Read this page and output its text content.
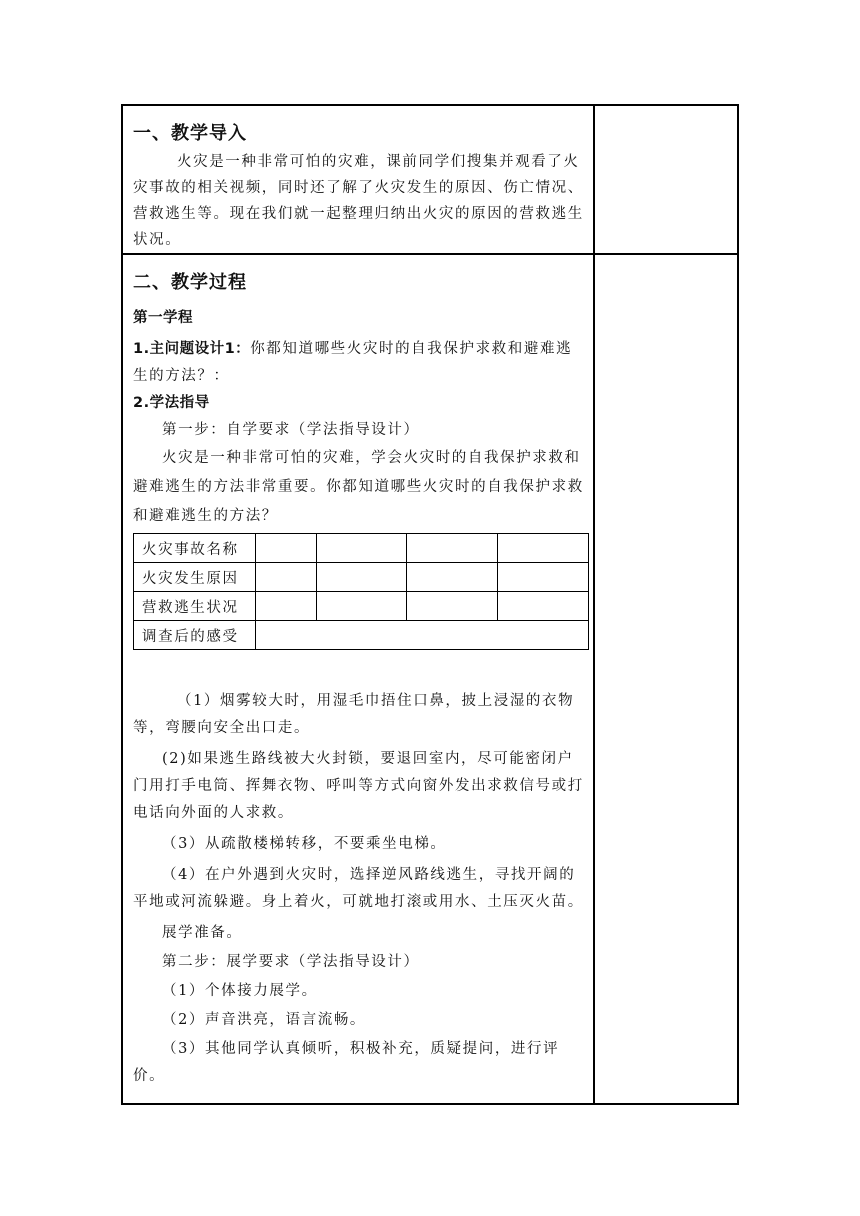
一、教学导入

火灾是一种非常可怕的灾难，课前同学们搜集并观看了火灾事故的相关视频，同时还了解了火灾发生的原因、伤亡情况、营救逃生等。现在我们就一起整理归纳出火灾的原因的营救逃生状况。

二、教学过程
第一学程

1.主问题设计1：你都知道哪些火灾时的自我保护求救和避难逃生的方法？：

2.学法指导

第一步：自学要求（学法指导设计）

火灾是一种非常可怕的灾难，学会火灾时的自我保护求救和避难逃生的方法非常重要。你都知道哪些火灾时的自我保护求救和避难逃生的方法？

火灾事故名称				
火灾发生原因				
营救逃生状况				
调查后的感受	

（1）烟雾较大时，用湿毛巾捂住口鼻，披上浸湿的衣物等，弯腰向安全出口走。

(2)如果逃生路线被大火封锁，要退回室内，尽可能密闭户门用打手电筒、挥舞衣物、呼叫等方式向窗外发出求救信号或打电话向外面的人求救。

（3）从疏散楼梯转移，不要乘坐电梯。

（4）在户外遇到火灾时，选择逆风路线逃生，寻找开阔的平地或河流躲避。身上着火，可就地打滚或用水、土压灭火苗。

展学准备。

第二步：展学要求（学法指导设计）

（1）个体接力展学。

（2）声音洪亮，语言流畅。

（3）其他同学认真倾听，积极补充，质疑提问，进行评价。
